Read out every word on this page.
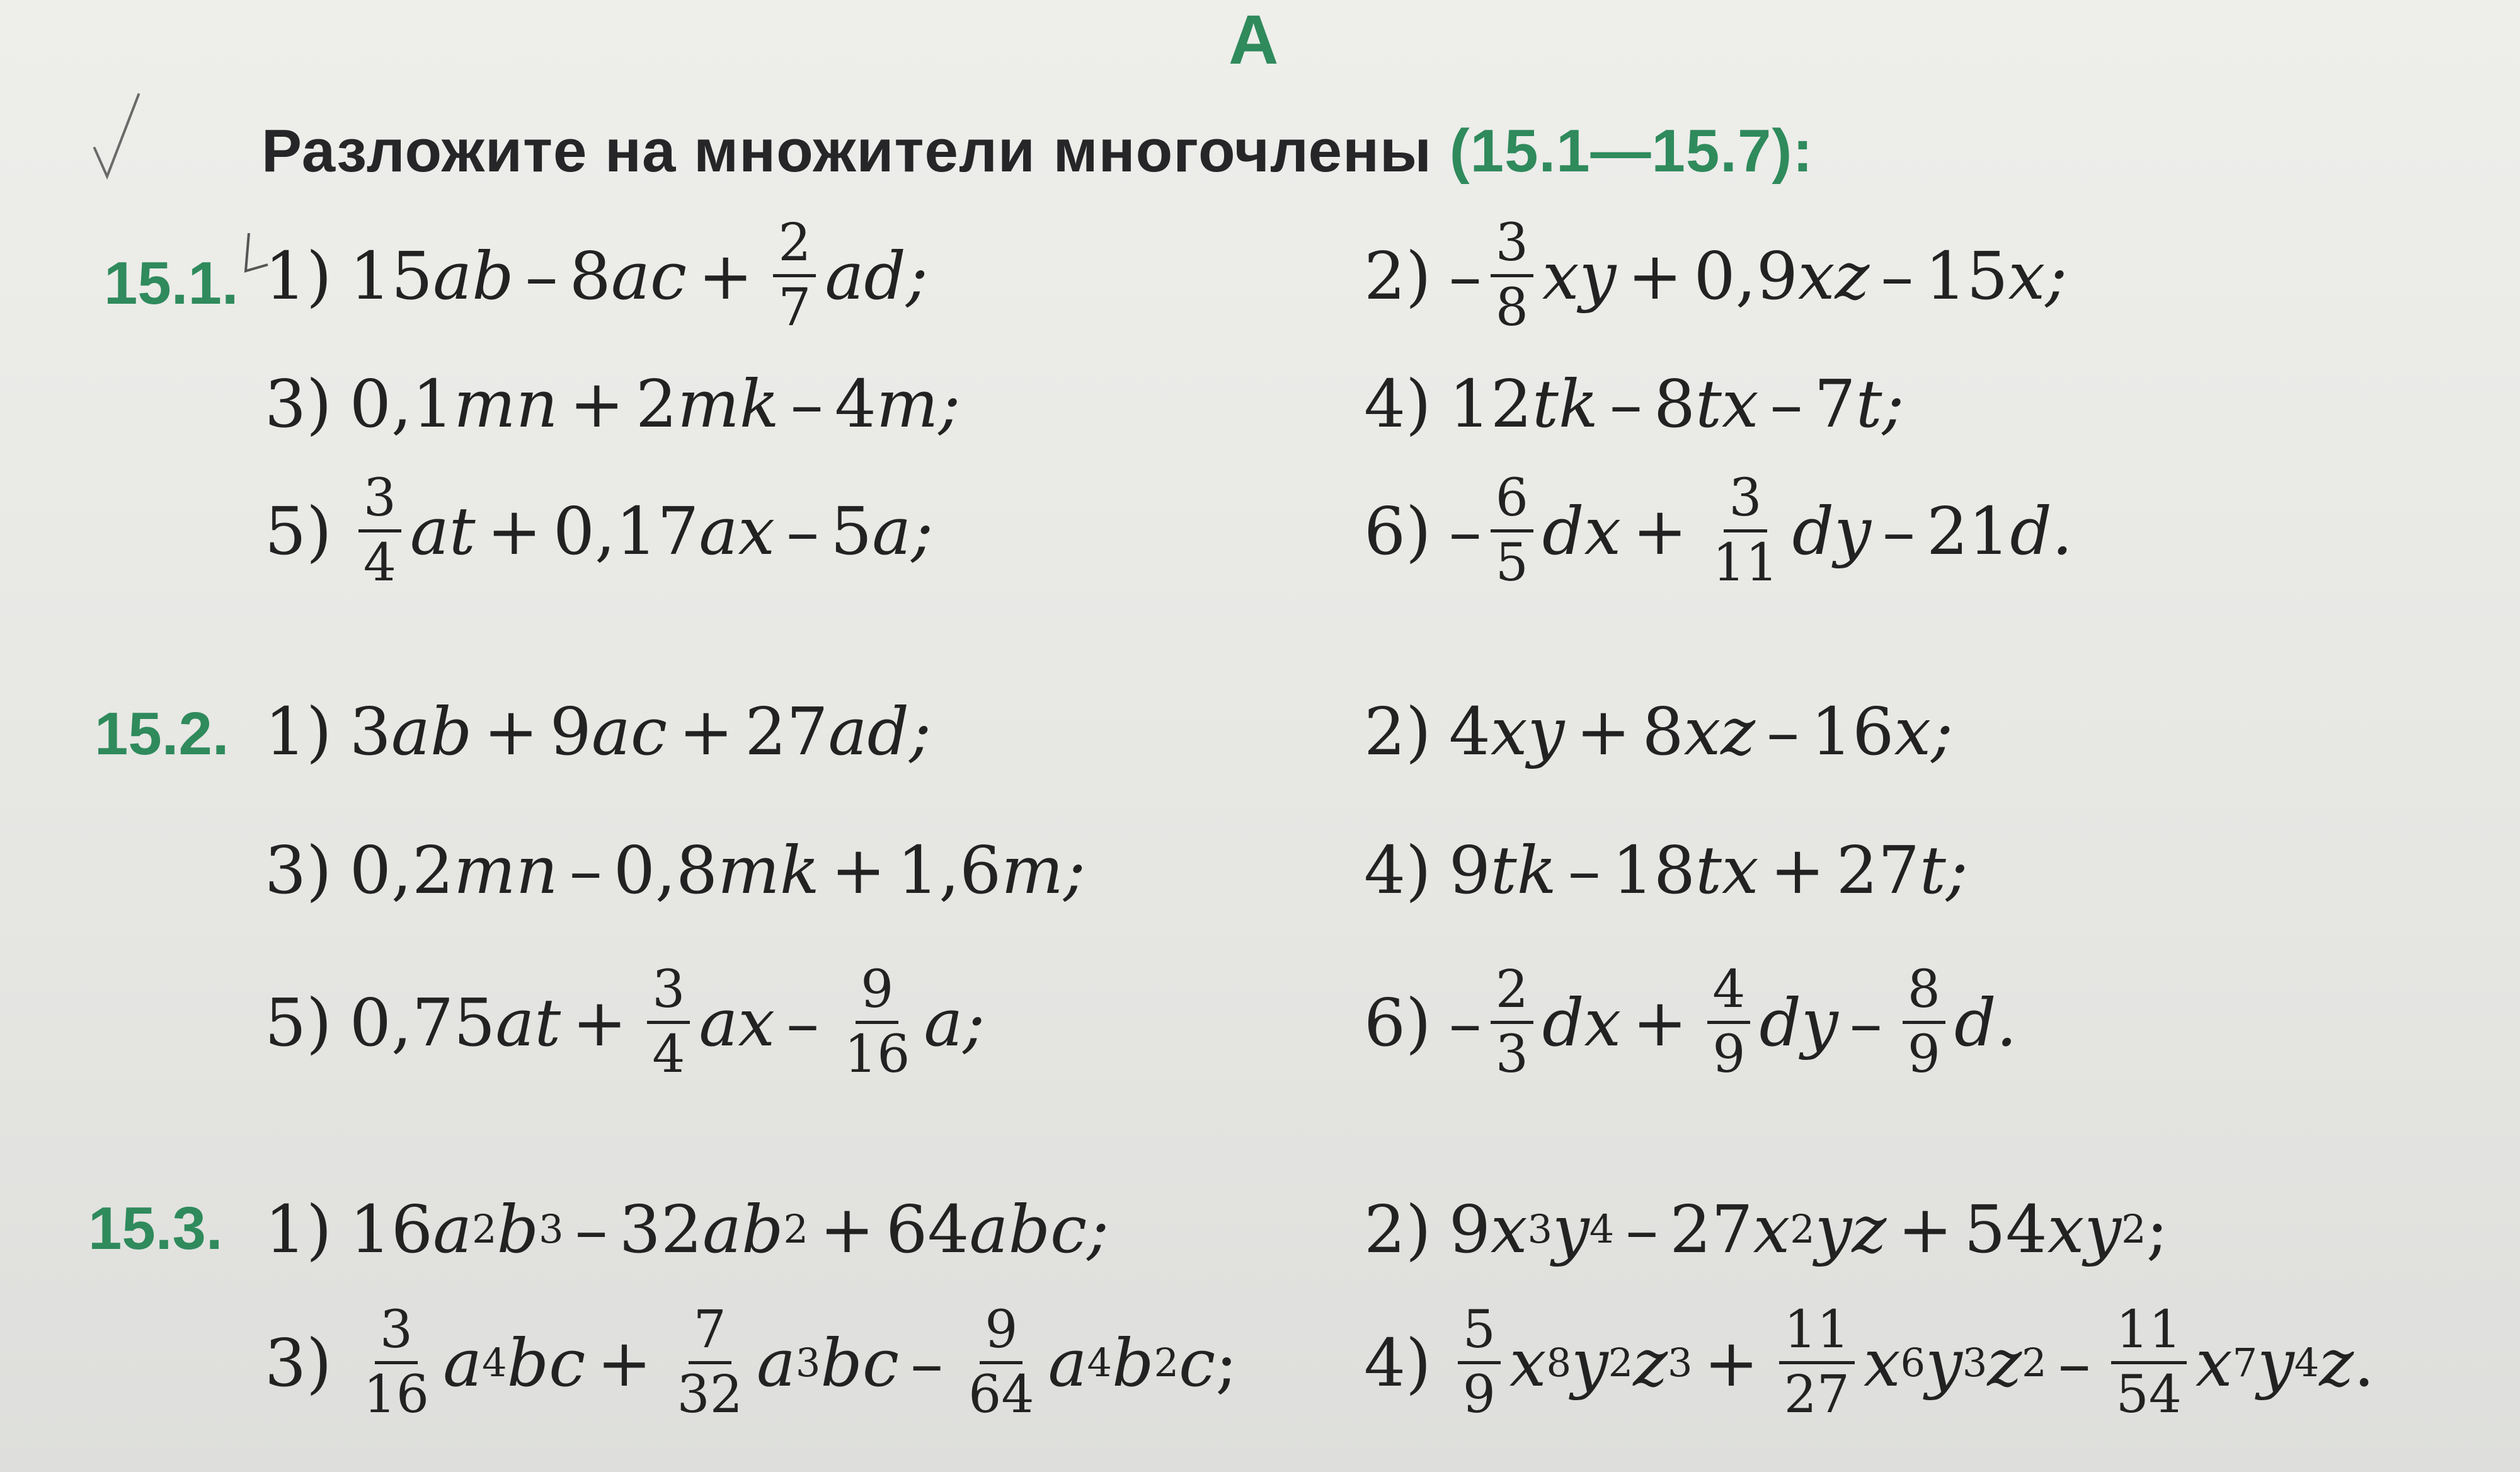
А
Разложите на множители многочлены (15.1—15.7):
15.1. 1) 15 ab – 8 ac + $\frac{2}{7}$ ad;	$2) - \frac{3}{8}$ xy + 0,9 xz – 15 x;
3) 0,1 mn + 2 mk – 4 m;	4) 12 tk – 8 tx – 7 t;
$5) \frac{3}{4}$ at + 0,17 ax – 5 a;	$6) - \frac{6}{5}$ dx + $\frac{3}{11}$ dy – 21 d.
15.2. 1) 3 ab + 9 ac + 27 ad;	2) 4 xy + 8 xz – 16 x;
3) 0,2 mn – 0,8 mk + 1,6 m;	4) 9 tk – 18 tx + 27 t;
5) 0,75 at + $\frac{3}{4}$ ax – $\frac{9}{16} a$;	$6) - \frac{2}{3}$ dx + $\frac{4}{9}$ dy – $\frac{8}{9} d$.
15.3. 1) 16 a 2 b 3 – 32 ab 2 + 64 abc;	2) 9 x 3 y 4 – 27 x 2 yz + 54 xy 2 ;
$3) \frac{3}{16}$ a 4 bc + $\frac{7}{32}$ a 3 bc – $\frac{9}{64}$ a 4 b 2 c ; $4) \frac{5}{9}$ x 8 y 2 z $3 + \frac{11}{27}$ x 6 y 3 z $2 - \frac{11}{54}$ x 7 y 4 z .
